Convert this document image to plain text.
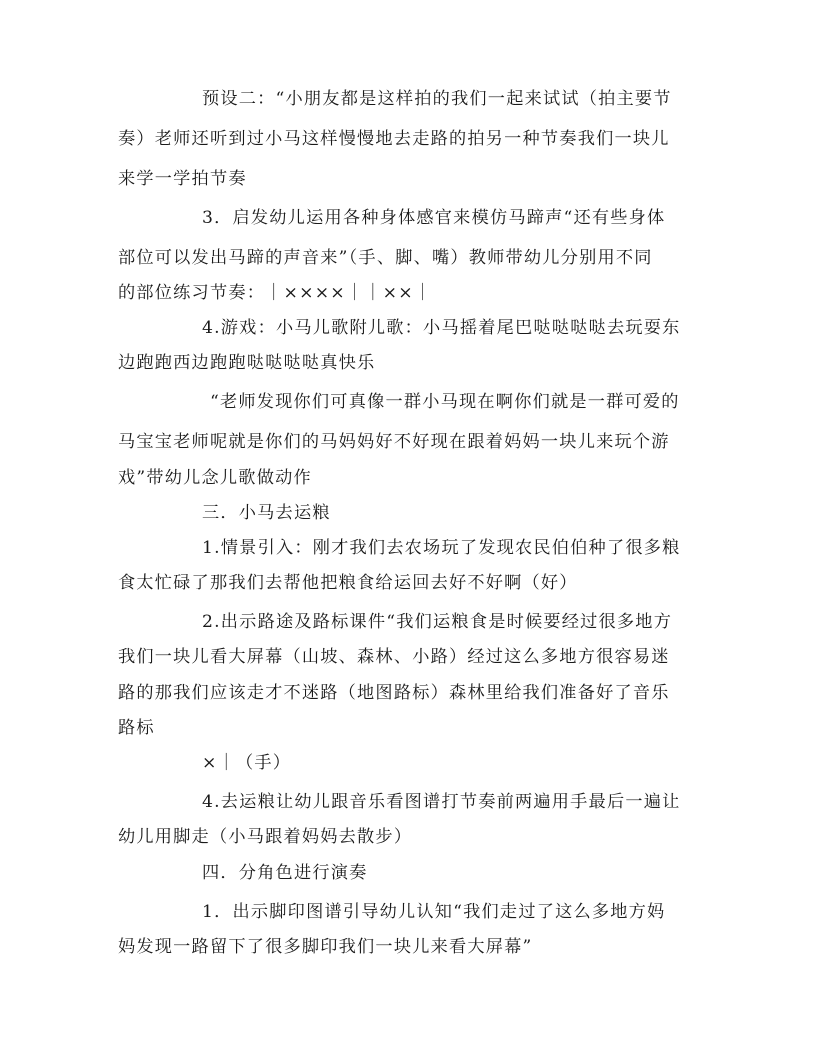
预设二：“小朋友都是这样拍的我们一起来试试（拍主要节
奏）老师还听到过小马这样慢慢地去走路的拍另一种节奏我们一块儿
来学一学拍节奏
3．启发幼儿运用各种身体感官来模仿马蹄声“还有些身体
部位可以发出马蹄的声音来”（手、脚、嘴）教师带幼儿分别用不同
的部位练习节奏：｜××××｜｜××｜
4.游戏：小马儿歌附儿歌：小马摇着尾巴哒哒哒哒去玩耍东
边跑跑西边跑跑哒哒哒哒真快乐
“老师发现你们可真像一群小马现在啊你们就是一群可爱的
马宝宝老师呢就是你们的马妈妈好不好现在跟着妈妈一块儿来玩个游
戏”带幼儿念儿歌做动作
三．小马去运粮
1.情景引入：刚才我们去农场玩了发现农民伯伯种了很多粮
食太忙碌了那我们去帮他把粮食给运回去好不好啊（好）
2.出示路途及路标课件“我们运粮食是时候要经过很多地方
我们一块儿看大屏幕（山坡、森林、小路）经过这么多地方很容易迷
路的那我们应该走才不迷路（地图路标）森林里给我们准备好了音乐
路标
×｜（手）
4.去运粮让幼儿跟音乐看图谱打节奏前两遍用手最后一遍让
幼儿用脚走（小马跟着妈妈去散步）
四．分角色进行演奏
1．出示脚印图谱引导幼儿认知“我们走过了这么多地方妈
妈发现一路留下了很多脚印我们一块儿来看大屏幕”
